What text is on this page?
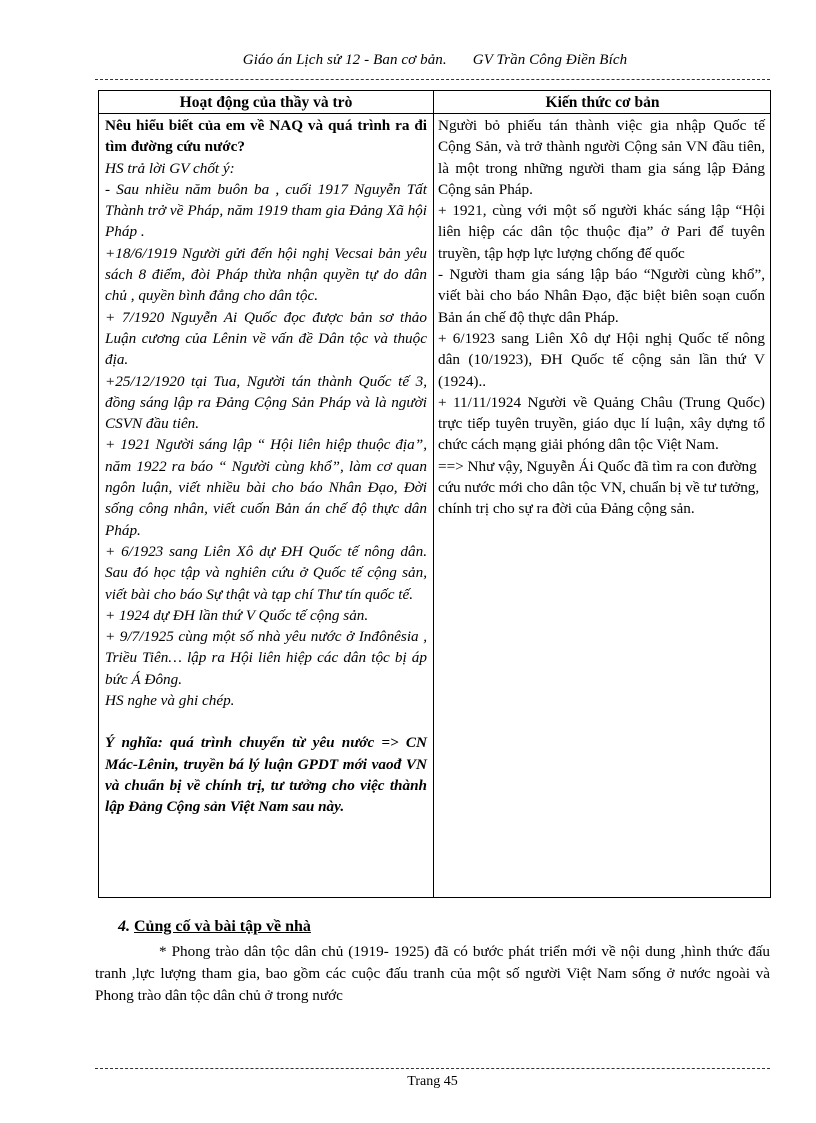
Giáo án Lịch sử 12 - Ban cơ bản. GV Trần Công Điền Bích
Hoạt động của thầy và trò	Kiến thức cơ bản

Nêu hiểu biết của em về NAQ và quá trình ra đi tìm đường cứu nước?

HS trả lời GV chốt ý:

- Sau nhiều năm buôn ba , cuối 1917 Nguyễn Tất Thành trở về Pháp, năm 1919 tham gia Đảng Xã hội Pháp .

+18/6/1919 Người gửi đến hội nghị Vecsai bản yêu sách 8 điểm, đòi Pháp thừa nhận quyền tự do dân chủ , quyền bình đẳng cho dân tộc.

+ 7/1920 Nguyễn Ai Quốc đọc được bản sơ thảo Luận cương của Lênin về vấn đề Dân tộc và thuộc địa.

+25/12/1920 tại Tua, Người tán thành Quốc tế 3, đồng sáng lập ra Đảng Cộng Sản Pháp và là người CSVN đầu tiên.

+ 1921 Người sáng lập “ Hội liên hiệp thuộc địa”, năm 1922 ra báo “ Người cùng khổ”, làm cơ quan ngôn luận, viết nhiều bài cho báo Nhân Đạo, Đời sống công nhân, viết cuốn Bản án chế độ thực dân Pháp.

+ 6/1923 sang Liên Xô dự ĐH Quốc tế nông dân. Sau đó học tập và nghiên cứu ở Quốc tế cộng sản, viết bài cho báo Sự thật và tạp chí Thư tín quốc tế.

+ 1924 dự ĐH lần thứ V Quốc tế cộng sản.

+ 9/7/1925 cùng một số nhà yêu nước ở Inđônêsia , Triều Tiên… lập ra Hội liên hiệp các dân tộc bị áp bức Á Đông.

HS nghe và ghi chép.

Ý nghĩa: quá trình chuyển từ yêu nước => CN Mác-Lênin, truyền bá lý luận GPDT mới vaođ VN và chuẩn bị về chính trị, tư tưởng cho việc thành lập Đảng Cộng sản Việt Nam sau này.

Người bỏ phiếu tán thành việc gia nhập Quốc tế Cộng Sản, và trở thành người Cộng sản VN đầu tiên, là một trong những người tham gia sáng lập Đảng Cộng sản Pháp.

+ 1921, cùng với một số người khác sáng lập “Hội liên hiệp các dân tộc thuộc địa” ở Pari để tuyên truyền, tập hợp lực lượng chống đế quốc

- Người tham gia sáng lập báo “Người cùng khổ”, viết bài cho báo Nhân Đạo, đặc biệt biên soạn cuốn Bản án chế độ thực dân Pháp.

+ 6/1923 sang Liên Xô dự Hội nghị Quốc tế nông dân (10/1923), ĐH Quốc tế cộng sản lần thứ V (1924)..

+ 11/11/1924 Người về Quảng Châu (Trung Quốc) trực tiếp tuyên truyền, giáo dục lí luận, xây dựng tổ chức cách mạng giải phóng dân tộc Việt Nam.

==> Như vậy, Nguyễn Ái Quốc đã tìm ra con đường cứu nước mới cho dân tộc VN, chuẩn bị về tư tưởng, chính trị cho sự ra đời của Đảng cộng sản.

4. Củng cố và bài tập về nhà
* Phong trào dân tộc dân chủ (1919- 1925) đã có bước phát triển mới về nội dung ,hình thức đấu tranh ,lực lượng tham gia, bao gồm các cuộc đấu tranh của một số người Việt Nam sống ở nước ngoài và Phong trào dân tộc dân chủ ở trong nước
Trang 45
